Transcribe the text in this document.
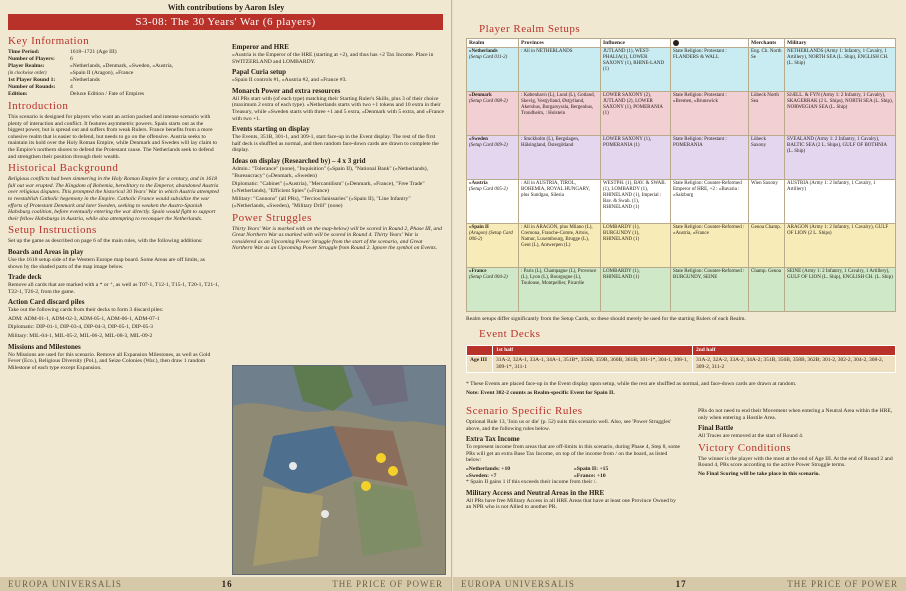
With contributions by Aaron Isley
S3-08: The 30 Years' War (6 players)
Key Information
Time Period:	1618–1721 (Age III)
Number of Players:	6
Player Realms:	»Netherlands, »Denmark, »Sweden, »Austria,
(in clockwise order)	»Spain II (Aragon), »France
1st Player Round 1:	»Netherlands
Number of Rounds:	4
Edition:	Deluxe Edition / Fate of Empires
Introduction

This scenario is designed for players who want an action packed and intense scenario with plenty of interaction and conflict. It features asymmetric powers. Spain starts out as the biggest power, but is spread out and suffers from weak Rulers. France benefits from a more cohesive realm that is easier to defend, but needs to go on the offensive. Austria seeks to maintain its hold over the Holy Roman Empire, while Denmark and Sweden will lay claim to the Empire's northern shores to defend the Protestant cause. The Netherlands seek to defend and strengthen their position through their wealth.

Historical Background

Religious conflicts had been simmering in the Holy Roman Empire for a century, and in 1618 full out war erupted. The Kingdom of Bohemia, hereditary to the Emperor, abandoned Austria over religious disputes. This prompted the historical 30 Years' War in which Austria attempted to reestablish Catholic hegemony in the Empire. Catholic France would subsidize the war efforts of Protestant Denmark and later Sweden, seeking to weaken the Austro-Spanish Habsburg coalition, before eventually entering the war directly. Spain would fight to support their fellow Habsburgs in Austria, while also attempting to reconquer the Netherlands.

Setup Instructions

Set up the game as described on page 6 of the main rules, with the following additions:

Boards and Areas in play

Use the 1618 setup side of the Western Europe map board. Some Areas are off limits, as shown by the shaded parts of the map image below.

Trade deck

Remove all cards that are marked with a * or ⁺, as well as T07-1, T12-1, T15-1, T20-1, T21-1, T22-1, T26-2, from the game.

Action Card discard piles

Take out the following cards from their decks to form 3 discard piles:

ADM: ADM-01-1, ADM-02-3, ADM-05-1, ADM-06-1, ADM-07-1

Diplomatic: DIP-01-1, DIP-03-4, DIP-04-3, DIP-05-1, DIP-05-3

Military: MIL-04-1, MIL-05-2, MIL-06-2, MIL-08-3, MIL-09-2

Missions and Milestones

No Missions are used for this scenario. Remove all Expansion Milestones, as well as Gold Fever (Eco.), Religious Diversity (Pol.), and Seize Colonies (War.), then draw 1 random Milestone of each type except Expansion.

Emperor and HRE

»Austria is the Emperor of the HRE (starting at +2), and thus has +2 Tax Income. Place in SWITZERLAND and LOMBARDY.

Papal Curia setup

»Spain II controls #1, »Austria #2, and »France #3.

Monarch Power and extra resources

All PRs start with (of each type) matching their Starting Ruler's Skills, plus 3 of their choice (maximum 2 extra of each type). »Netherlands starts with two +1 tokens and 10 extra in their Treasury, while »Sweden starts with three +1 and 5 extra, »Denmark with 5 extra, and »France with two +1.

Events starting on display

The Events, 351B, 301-1, and 309-1, start face-up in the Event display. The rest of the first half deck is shuffled as normal, and then random face-down cards are drawn to complete the display.

Ideas on display (Researched by) – 4 x 3 grid

Admin.: "Tolerance" (none), "Inquisition" (»Spain II), "National Bank" (»Netherlands), "Bureaucracy" (»Denmark, »Sweden)

Diplomatic: "Cabinet" (»Austria), "Mercantilism" (»Denmark, »France), "Free Trade" (»Netherlands), "Efficient Spies" (»France)

Military: "Cannons" (all PRs), "Tercios/Janissaries" (»Spain II), "Line Infantry" (»Netherlands, »Sweden), "Military Drill" (none)

Power Struggles

Thirty Years' War is marked with on the map-below) will be scored in Round 2, Phase III, and Great Northern War as marked with will be scored in Round 4. Thirty Years' War is considered as an Upcoming Power Struggle from the start of the scenario, and Great Northern War as an Upcoming Power Struggle from Round 2. Ignore the symbol on Events.

EUROPA UNIVERSALIS	16	THE PRICE OF POWER
Player Realm Setups
Realm	Provinces	Influence		Merchants	Military
»Netherlands
(Setup Card 011-2)	: All in NETHERLANDS	JUTLAND (1), WEST-PHALIA(1), LOWER SAXONY (1), RHINE-LAND (1)	State Religion: Protestant : FLANDERS & WALL	Eng. Ch. North Se	NETHERLANDS (Army 1: Infantry, 1 Cavalry, 1 Artillery), NORTH SEA (L. Ship), ENGLISH CH. (L. Ship)
»Denmark
(Setup Card 008-2)	: København (L), Lund (L), Gotland, Skevig, Vestjylland, Østjylland, Akershus, Borgarsyssla, Bergenhus, Trondheim, : Holstein	LOWER SAXONY (2), JUTLAND (2), LOWER SAXONY (1), POMERANIA (1)	State Religion: Protestant : »Bremen, »Brunswick	Lübeck North Sea	SJÆLL. & FYN (Army 1: 2 Infantry, 1 Cavalry), SKAGERRAK (2 L. Ships), NORTH SEA (L. Ship), NORWEGIAN SEA (L. Ship)
»Sweden
(Setup Card 009-2)	: Stockholm (L), Bergslagen, Hälsingland, Östergötland	LOWER SAXONY (1), POMERANIA (1)	State Religion: Protestant : POMERANIA	Lübeck Saxony	SVEALAND (Army 1: 2 Infantry, 1 Cavalry), BALTIC SEA (2 L. Ships), GULF OF BOTHNIA (L. Ship)
»Austria
(Setup Card 005-2)	: All in AUSTRIA, TIROL, BOHEMIA, ROYAL HUNGARY, plus Sundgau, Silesia	WESTPH. (1), BAV. & SWAB. (1), LOMBARDY (1), RHINELAND (1), Imperial : Bav. & Swab. (1), RHINELAND (1)	State Religion: Counter-Reformed Emperor of HRE, +2 : »Bavaria : »Salzburg	Wien Saxony	AUSTRIA (Army 1: 2 Infantry, 1 Cavalry, 1 Artillery)
»Spain II
(Aragon) (Setup Card 006-2)	: All in ARAGON, plus Milano (L), Cremona, Franche-Comte, Artois, Namur, Luxembourg, Brugge (L), Gent (L), Antwerpen (L)	LOMBARDY (1), BURGUNDY (1), RHINELAND (1)	State Religion: Counter-Reformed : »Austria, »France	Genoa Champ.	ARAGON (Army 1: 2 Infantry, 1 Cavalry), GULF OF LION (2 L. Ships)
»France
(Setup Card 004-2)	: Paris (L), Champagne (L), Provence (L), Lyon (L), Bourgogne (L), Toulouse, Montpellier, Picardie	LOMBARDY (1), RHINELAND (1)	State Religion: Counter-Reformed : BURGUNDY, SEINE	Champ. Genoa	SEINE (Army 1: 2 Infantry, 1 Cavalry, 1 Artillery), GULF OF LION (L. Ship), ENGLISH CH. (L. Ship)
Realm setups differ significantly from the Setup Cards, so these should merely be used for the starting Rulers of each Realm.
Event Decks
	1st half	2nd half
Age III	31A-2, 32A-1, 33A-1, 34A-1, 351B*, 35SB, 359B, 360B, 361B; 301-1*, 304-1, 308-1, 309-1*, 311-1	31A-2, 32A-2, 33A-2, 34A-2; 351B, 356B, 358B, 362B; 301-2, 302-2, 304-2, 308-2, 309-2, 311-2

* These Events are placed face-up in the Event display upon setup, while the rest are shuffled as normal, and face-down cards are drawn at random.

Note: Event 302-2 counts as Realm-specific Event for Spain II.

Scenario Specific Rules

Optional Rule 13, 'Join us or die' (p. 52) suits this scenario well. Also, see 'Power Struggles' above, and the following rules below.

Extra Tax Income

To represent income from areas that are off-limits in this scenario, during Phase 4, Step 8, some PRs will get an extra Base Tax Income, on top of the income from / on the board, as listed below:

»Netherlands: +10	»Spain II: +15
»Sweden: +7	»France: +10

* Spain II gains 1 if this exceeds their income from their /.

Military Access and Neutral Areas in the HRE

All PRs have free Military Access in all HRE Areas that have at least one Province Owned by an NPR who is not Allied to another PR.

PRs do not need to end their Movement when entering a Neutral Area within the HRE, only when entering a Hostile Area.

Final Battle

All Truces are removed at the start of Round 4.

Victory Conditions

The winner is the player with the most at the end of Age III. At the end of Round 2 and Round 4, PRs score according to the active Power Struggle terms.

No Final Scoring will be take place in this scenario.

EUROPA UNIVERSALIS	17	THE PRICE OF POWER
